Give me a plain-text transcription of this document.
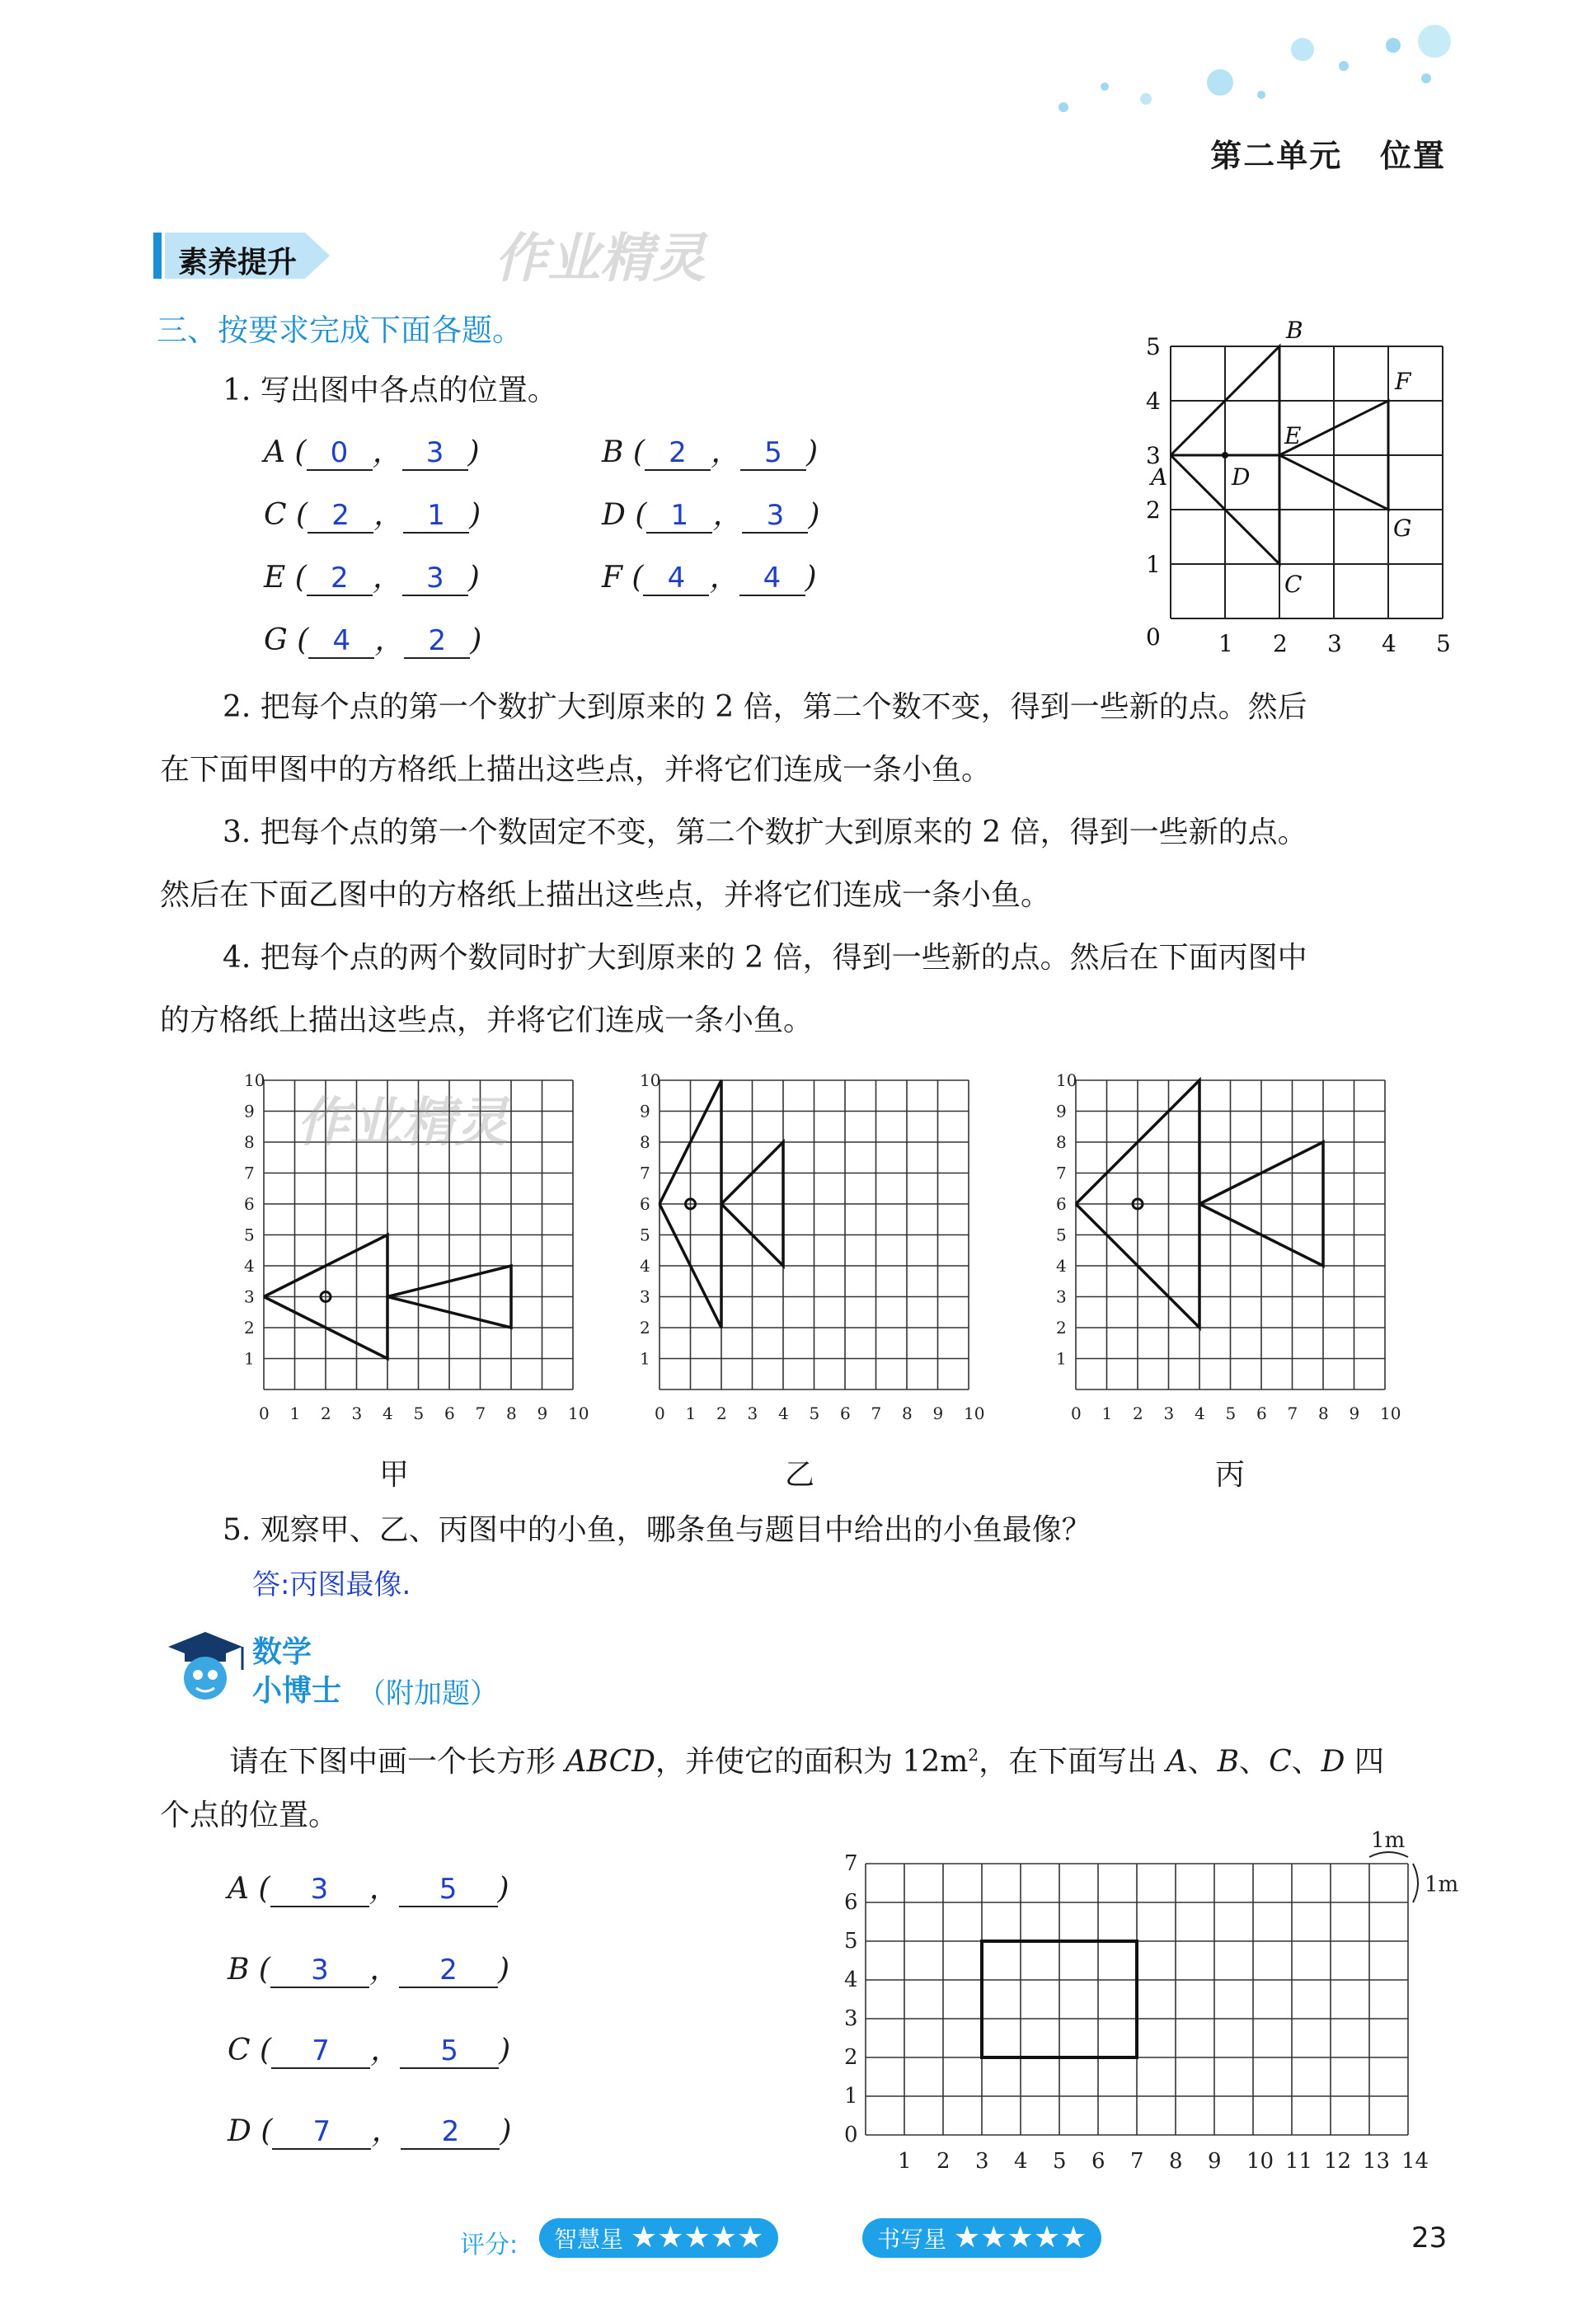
第二单元 位置
素养提升	作业精灵
三、按要求完成下面各题。
1. 写出图中各点的位置。
A ( 0 ， 3 )	B ( 2 ， 5 )
C ( 2 ， 1 )	D ( 1 ， 3 )
E ( 2 ， 3 )	F ( 4 ， 4 )
G ( 4 ， 2 )
5
4
3
2
1
0	1 2 3 4 5
A
B
C
D
E
F
G
2. 把每个点的第一个数扩大到原来的 2 倍，第二个数不变，得到一些新的点。然后
在下面甲图中的方格纸上描出这些点，并将它们连成一条小鱼。
3. 把每个点的第一个数固定不变，第二个数扩大到原来的 2 倍，得到一些新的点。
然后在下面乙图中的方格纸上描出这些点，并将它们连成一条小鱼。
4. 把每个点的两个数同时扩大到原来的 2 倍，得到一些新的点。然后在下面丙图中
的方格纸上描出这些点，并将它们连成一条小鱼。
0 1
1
2
2
3
3
4
4
5
5
6
6
7
7
8
8
9
9
10
10
0 1
1
2
2
3
3
4
4
5
5
6
6
7
7
8
8
9
9
10
10
0 1
1
2
2
3
3
4
4
5
5
6
6
7
7
8
8
9
9
10
10
作业精灵
甲	乙	丙
5. 观察甲、乙、丙图中的小鱼，哪条鱼与题目中给出的小鱼最像？
答:丙图最像.
数学
小博士 （附加题）
请在下图中画一个长方形 ABCD，并使它的面积为 $12m^2$，在下面写出 A、B、C、D 四
个点的位置。
A ( 3 ， 5 )
B ( 3 ， 2 )
C ( 7 ， 5 )
D ( 7 ， 2 )	0
1
2
3
4
5
6
7
1 2 3 4 5 6 7 8 9 10 11 12 13 14
1m
1m
评分:	智慧星 ★★★★★	书写星 ★★★★★	23
